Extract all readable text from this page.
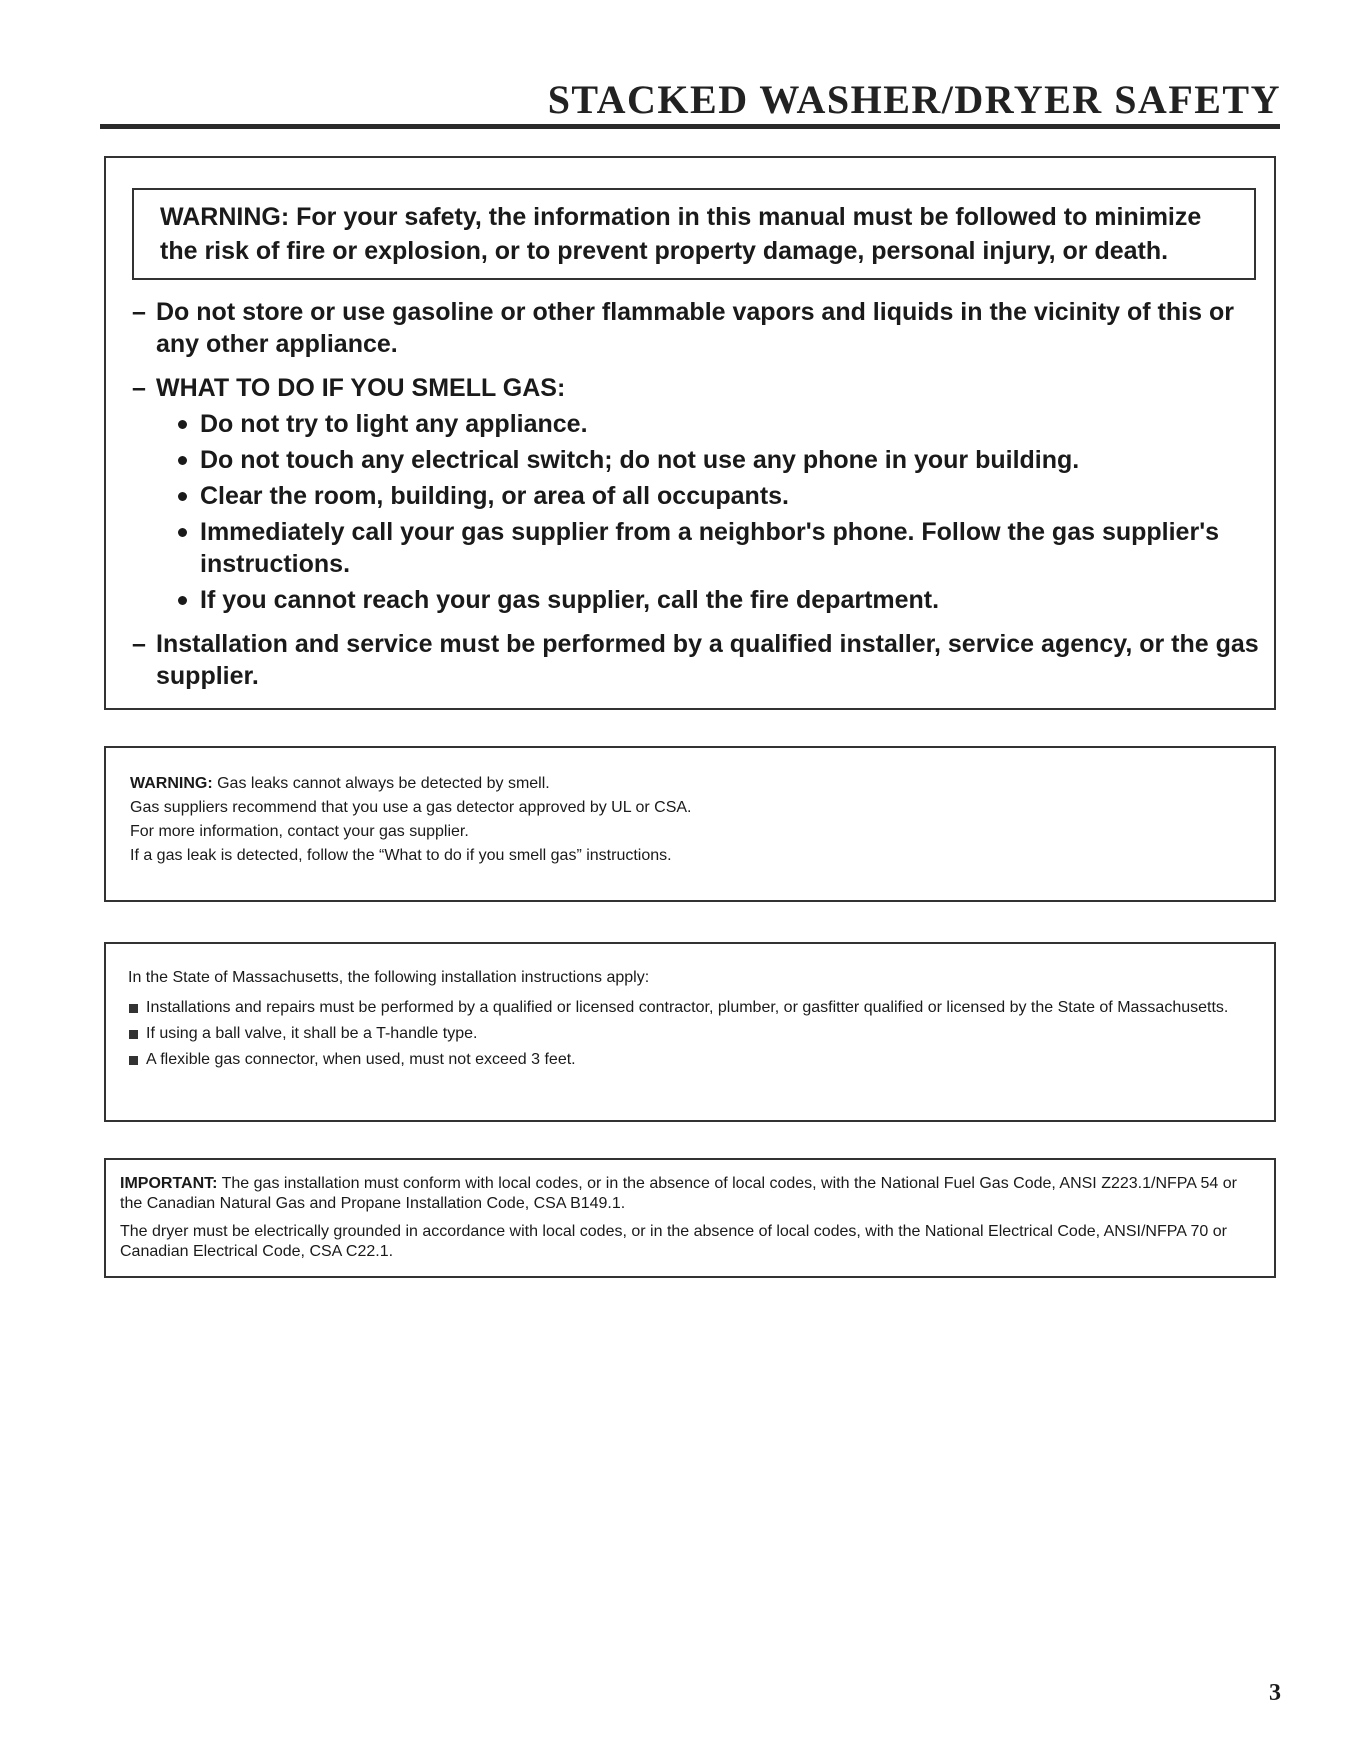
STACKED WASHER/DRYER SAFETY
WARNING: For your safety, the information in this manual must be followed to minimize
the risk of fire or explosion, or to prevent property damage, personal injury, or death.
– Do not store or use gasoline or other flammable vapors and liquids in the vicinity of this or any other appliance.
– WHAT TO DO IF YOU SMELL GAS:
Do not try to light any appliance.
Do not touch any electrical switch; do not use any phone in your building.
Clear the room, building, or area of all occupants.
Immediately call your gas supplier from a neighbor's phone. Follow the gas supplier's instructions.
If you cannot reach your gas supplier, call the fire department.
– Installation and service must be performed by a qualified installer, service agency, or the gas supplier.
WARNING: Gas leaks cannot always be detected by smell.
Gas suppliers recommend that you use a gas detector approved by UL or CSA.
For more information, contact your gas supplier.
If a gas leak is detected, follow the “What to do if you smell gas” instructions.
In the State of Massachusetts, the following installation instructions apply:
Installations and repairs must be performed by a qualified or licensed contractor, plumber, or gasfitter qualified or licensed by the State of Massachusetts.
If using a ball valve, it shall be a T-handle type.
A flexible gas connector, when used, must not exceed 3 feet.

IMPORTANT: The gas installation must conform with local codes, or in the absence of local codes, with the National Fuel Gas Code, ANSI Z223.1/NFPA 54 or the Canadian Natural Gas and Propane Installation Code, CSA B149.1.

The dryer must be electrically grounded in accordance with local codes, or in the absence of local codes, with the National Electrical Code, ANSI/NFPA 70 or Canadian Electrical Code, CSA C22.1.

3
